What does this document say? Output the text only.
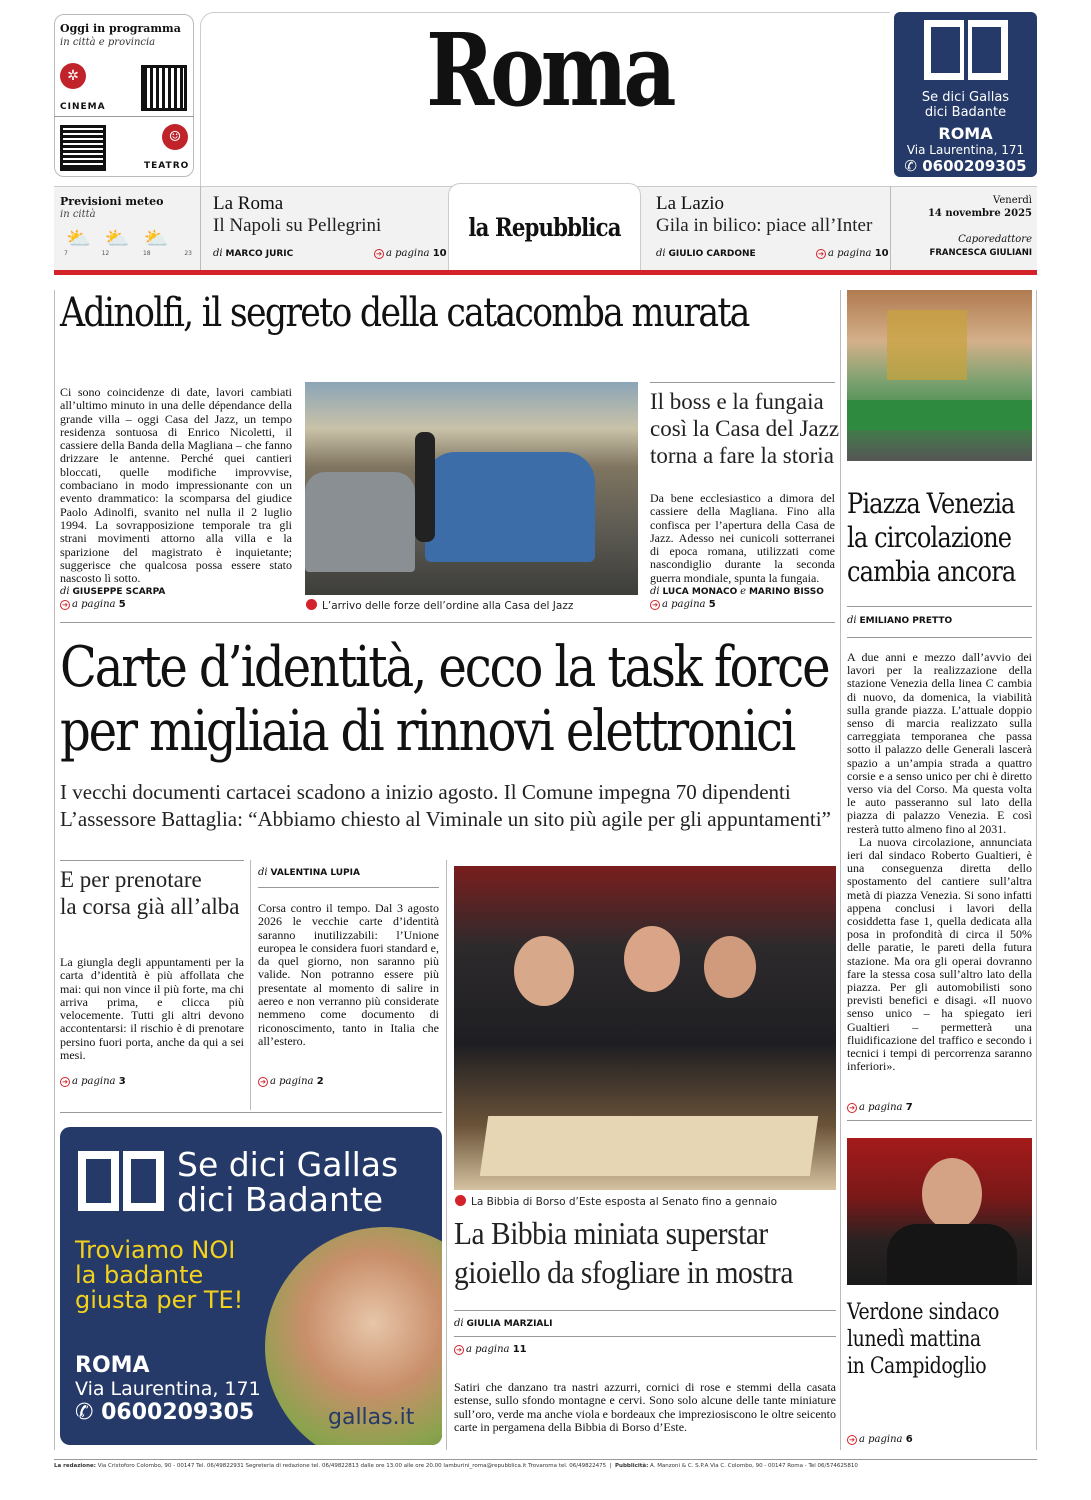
Oggi in programma
in città e provincia
✲
CINEMA
☺
TEATRO
Roma	Se dici Gallas
dici Badante
ROMA
Via Laurentina, 171
✆ 0600209305
Previsioni meteo
in città
⛅⛅⛅
7	12	18	23
La Roma
Il Napoli su Pellegrini
di MARCO JURIC	➔ a pagina 10
la Repubblica
La Lazio
Gila in bilico: piace all’Inter
di GIULIO CARDONE	➔ a pagina 10
Venerdì
14 novembre 2025
Caporedattore
FRANCESCA GIULIANI
Adinolfi, il segreto della catacomba murata
Ci sono coincidenze di date, lavori cambiati all’ultimo minuto in una delle dépendance della grande villa – oggi Casa del Jazz, un tempo residenza sontuosa di Enrico Nicoletti, il cassiere della Banda della Magliana – che fanno drizzare le antenne. Perché quei cantieri bloccati, quelle modifiche improvvise, combaciano in modo impressionante con un evento drammatico: la scomparsa del giudice Paolo Adinolfi, svanito nel nulla il 2 luglio 1994. La sovrapposizione temporale tra gli strani movimenti attorno alla villa e la sparizione del magistrato è inquietante; suggerisce che qualcosa possa essere stato nascosto lì sotto.
di GIUSEPPE SCARPA
➔ a pagina 5	L’arrivo delle forze dell’ordine alla Casa del Jazz
Il boss e la fungaia
così la Casa del Jazz
torna a fare la storia
Da bene ecclesiastico a dimora del cassiere della Magliana. Fino alla confisca per l’apertura della Casa de Jazz. Adesso nei cunicoli sotterranei di epoca romana, utilizzati come nascondiglio durante la seconda guerra mondiale, spunta la fungaia.
di LUCA MONACO e MARINO BISSO
➔ a pagina 5
Piazza Venezia
la circolazione
cambia ancora
di EMILIANO PRETTO
A due anni e mezzo dall’avvio dei lavori per la realizzazione della stazione Venezia della linea C cambia di nuovo, da domenica, la viabilità sulla grande piazza. L’attuale doppio senso di marcia realizzato sulla carreggiata temporanea che passa sotto il palazzo delle Generali lascerà spazio a un’ampia strada a quattro corsie e a senso unico per chi è diretto verso via del Corso. Ma questa volta le auto passeranno sul lato della piazza di palazzo Venezia. E così resterà tutto almeno fino al 2031.
La nuova circolazione, annunciata ieri dal sindaco Roberto Gualtieri, è una conseguenza diretta dello spostamento del cantiere sull’altra metà di piazza Venezia. Si sono infatti appena conclusi i lavori della cosiddetta fase 1, quella dedicata alla posa in profondità di circa il 50% delle paratie, le pareti della futura stazione. Ma ora gli operai dovranno fare la stessa cosa sull’altro lato della piazza. Per gli automobilisti sono previsti benefici e disagi. «Il nuovo senso unico – ha spiegato ieri Gualtieri – permetterà una fluidificazione del traffico e secondo i tecnici i tempi di percorrenza saranno inferiori».
➔ a pagina 7
Carte d’identità, ecco la task force
per migliaia di rinnovi elettronici
I vecchi documenti cartacei scadono a inizio agosto. Il Comune impegna 70 dipendenti
L’assessore Battaglia: “Abbiamo chiesto al Viminale un sito più agile per gli appuntamenti”
E per prenotare
la corsa già all’alba
La giungla degli appuntamenti per la carta d’identità è più affollata che mai: qui non vince il più forte, ma chi arriva prima, e clicca più velocemente. Tutti gli altri devono accontentarsi: il rischio è di prenotare persino fuori porta, anche da qui a sei mesi.
➔ a pagina 3
di VALENTINA LUPIA
Corsa contro il tempo. Dal 3 agosto 2026 le vecchie carte d’identità saranno inutilizzabili: l’Unione europea le considera fuori standard e, da quel giorno, non saranno più valide. Non potranno essere più presentate al momento di salire in aereo e non verranno più considerate nemmeno come documento di riconoscimento, tanto in Italia che all’estero.
➔ a pagina 2
La Bibbia di Borso d’Este esposta al Senato fino a gennaio
La Bibbia miniata superstar
gioiello da sfogliare in mostra
di GIULIA MARZIALI
➔ a pagina 11
Satiri che danzano tra nastri azzurri, cornici di rose e stemmi della casata estense, sullo sfondo montagne e cervi. Sono solo alcune delle tante miniature sull’oro, verde ma anche viola e bordeaux che impreziosiscono le oltre seicento carte in pergamena della Bibbia di Borso d’Este.
Verdone sindaco
lunedì mattina
in Campidoglio
➔ a pagina 6
Se dici Gallas
dici Badante
Troviamo NOI
la badante
giusta per TE!
ROMA
Via Laurentina, 171
✆ 0600209305	gallas.it
La redazione: Via Cristoforo Colombo, 90 - 00147 Tel. 06/49822931 Segreteria di redazione tel. 06/49822813 dalle ore 13.00 alle ore 20.00 lamburini_roma@repubblica.it Trovaroma tel. 06/49822475  |  Pubblicità: A. Manzoni & C. S.P.A Via C. Colombo, 90 - 00147 Roma - Tel 06/574625810
